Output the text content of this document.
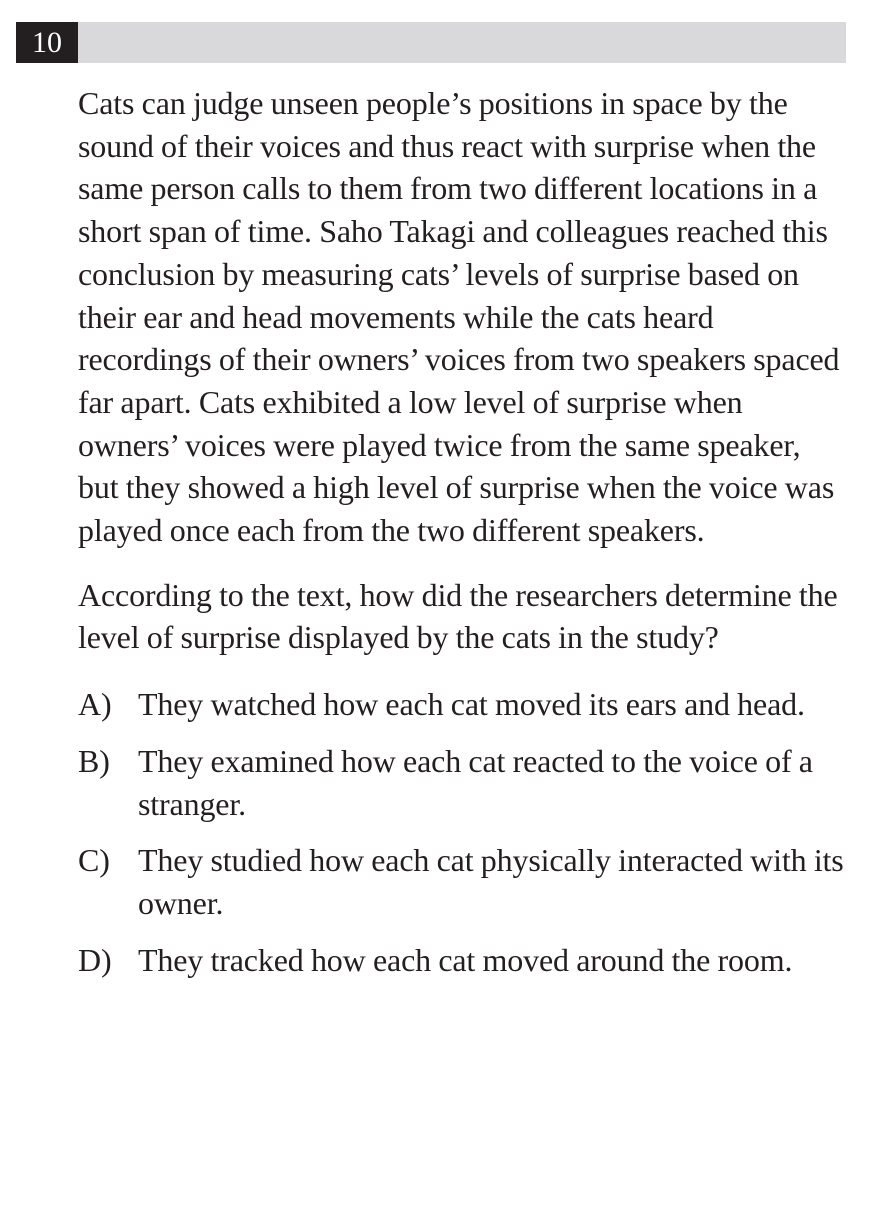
10

Cats can judge unseen people’s positions in space by the sound of their voices and thus react with surprise when the same person calls to them from two different locations in a short span of time. Saho Takagi and colleagues reached this conclusion by measuring cats’ levels of surprise based on their ear and head movements while the cats heard recordings of their owners’ voices from two speakers spaced far apart. Cats exhibited a low level of surprise when owners’ voices were played twice from the same speaker, but they showed a high level of surprise when the voice was played once each from the two different speakers.

According to the text, how did the researchers determine the level of surprise displayed by the cats in the study?

A) They watched how each cat moved its ears and head.
B) They examined how each cat reacted to the voice of a stranger.
C) They studied how each cat physically interacted with its owner.
D) They tracked how each cat moved around the room.
